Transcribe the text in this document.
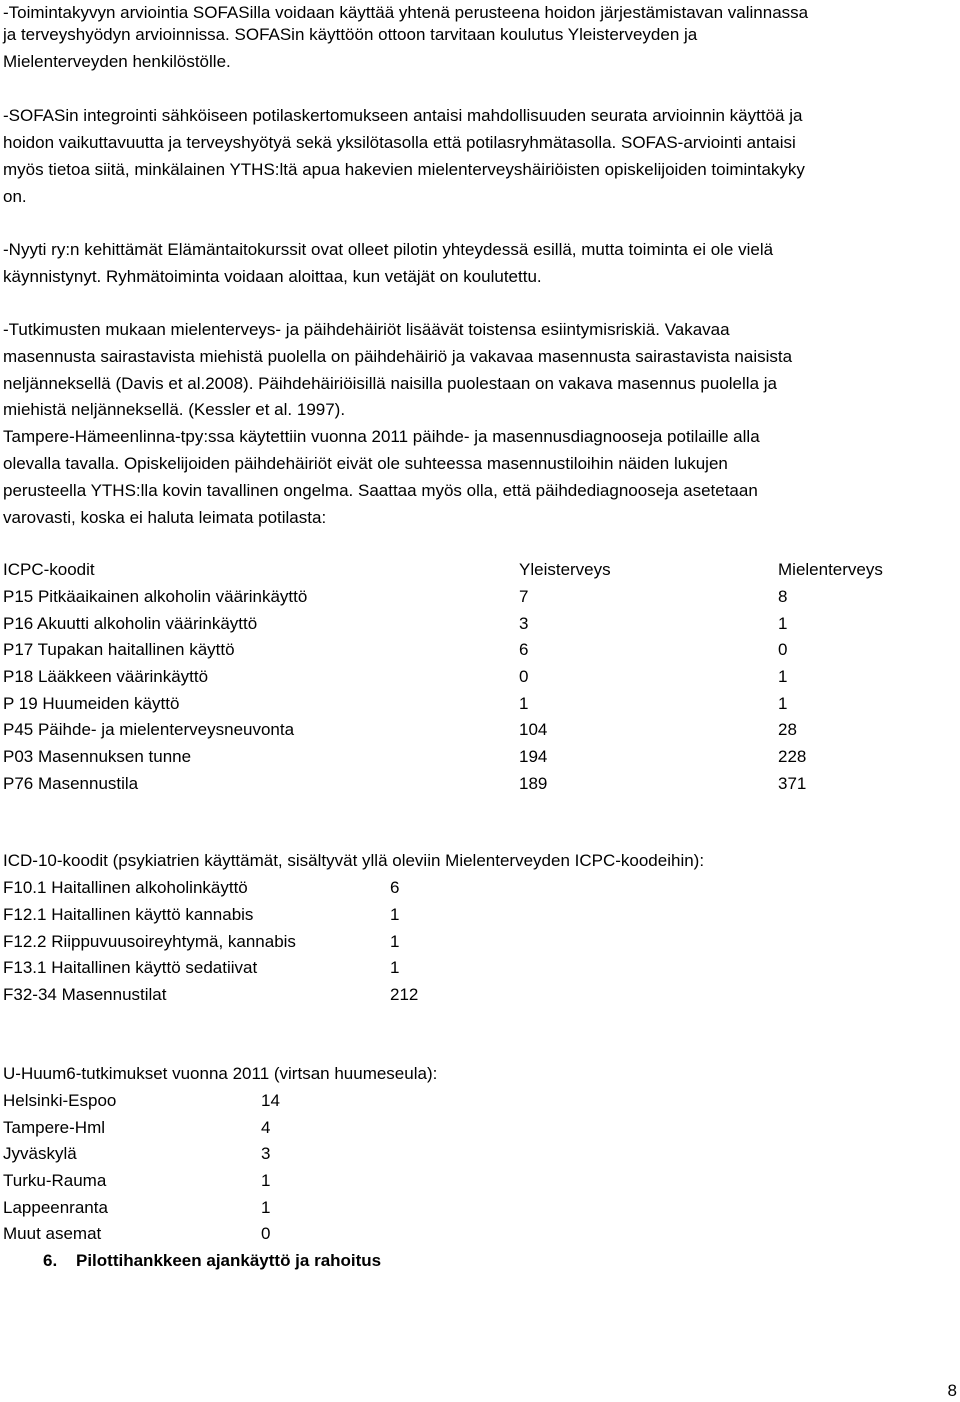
-Toimintakyvyn arviointia SOFASilla voidaan käyttää yhtenä perusteena hoidon järjestämistavan valinnassa
ja terveyshyödyn arvioinnissa. SOFASin käyttöön ottoon tarvitaan koulutus Yleisterveyden ja
Mielenterveyden henkilöstölle.
-SOFASin integrointi sähköiseen potilaskertomukseen antaisi mahdollisuuden seurata arvioinnin käyttöä ja
hoidon vaikuttavuutta ja terveyshyötyä sekä yksilötasolla että potilasryhmätasolla. SOFAS-arviointi antaisi
myös tietoa siitä, minkälainen YTHS:ltä apua hakevien mielenterveyshäiriöisten opiskelijoiden toimintakyky
on.
-Nyyti ry:n kehittämät Elämäntaitokurssit ovat olleet pilotin yhteydessä esillä, mutta toiminta ei ole vielä
käynnistynyt. Ryhmätoiminta voidaan aloittaa, kun vetäjät on koulutettu.
-Tutkimusten mukaan mielenterveys- ja päihdehäiriöt lisäävät toistensa esiintymisriskiä. Vakavaa
masennusta sairastavista miehistä puolella on päihdehäiriö ja vakavaa masennusta sairastavista naisista
neljänneksellä (Davis et al.2008). Päihdehäiriöisillä naisilla puolestaan on vakava masennus puolella ja
miehistä neljänneksellä. (Kessler et al. 1997).
Tampere-Hämeenlinna-tpy:ssa käytettiin vuonna 2011 päihde- ja masennusdiagnooseja potilaille alla
olevalla tavalla. Opiskelijoiden päihdehäiriöt eivät ole suhteessa masennustiloihin näiden lukujen
perusteella YTHS:lla kovin tavallinen ongelma. Saattaa myös olla, että päihdediagnooseja asetetaan
varovasti, koska ei haluta leimata potilasta:
ICPC-koodit	Yleisterveys	Mielenterveys
P15 Pitkäaikainen alkoholin väärinkäyttö	7	8
P16 Akuutti alkoholin väärinkäyttö	3	1
P17 Tupakan haitallinen käyttö	6	0
P18 Lääkkeen väärinkäyttö	0	1
P 19 Huumeiden käyttö	1	1
P45 Päihde- ja mielenterveysneuvonta	104	28
P03 Masennuksen tunne	194	228
P76 Masennustila	189	371
ICD-10-koodit (psykiatrien käyttämät, sisältyvät yllä oleviin Mielenterveyden ICPC-koodeihin):
F10.1 Haitallinen alkoholinkäyttö	6
F12.1 Haitallinen käyttö kannabis	1
F12.2 Riippuvuusoireyhtymä, kannabis	1
F13.1 Haitallinen käyttö sedatiivat	1
F32-34 Masennustilat	212
U-Huum6-tutkimukset vuonna 2011 (virtsan huumeseula):
Helsinki-Espoo	14
Tampere-Hml	4
Jyväskylä	3
Turku-Rauma	1
Lappeenranta	1
Muut asemat	0
6. Pilottihankkeen ajankäyttö ja rahoitus
8
